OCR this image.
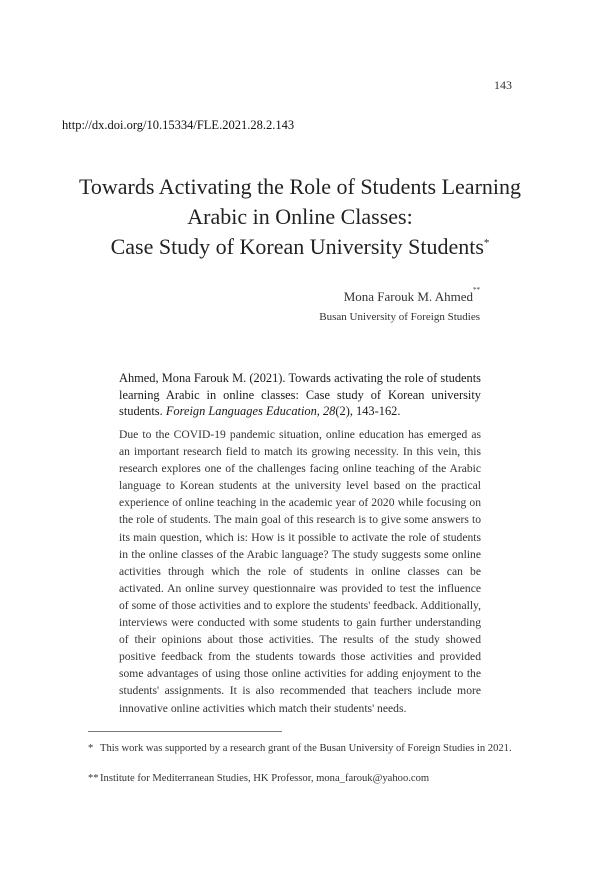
143
http://dx.doi.org/10.15334/FLE.2021.28.2.143
Towards Activating the Role of Students Learning
Arabic in Online Classes:
Case Study of Korean University Students*
Mona Farouk M. Ahmed**
Busan University of Foreign Studies
Ahmed, Mona Farouk M. (2021). Towards activating the role of students learning Arabic in online classes: Case study of Korean university students. Foreign Languages Education, 28(2), 143-162.
Due to the COVID-19 pandemic situation, online education has emerged as an important research field to match its growing necessity. In this vein, this research explores one of the challenges facing online teaching of the Arabic language to Korean students at the university level based on the practical experience of online teaching in the academic year of 2020 while focusing on the role of students. The main goal of this research is to give some answers to its main question, which is: How is it possible to activate the role of students in the online classes of the Arabic language? The study suggests some online activities through which the role of students in online classes can be activated. An online survey questionnaire was provided to test the influence of some of those activities and to explore the students' feedback. Additionally, interviews were conducted with some students to gain further understanding of their opinions about those activities. The results of the study showed positive feedback from the students towards those activities and provided some advantages of using those online activities for adding enjoyment to the students' assignments. It is also recommended that teachers include more innovative online activities which match their students' needs.
* This work was supported by a research grant of the Busan University of Foreign Studies in 2021.
** Institute for Mediterranean Studies, HK Professor, mona_farouk@yahoo.com
